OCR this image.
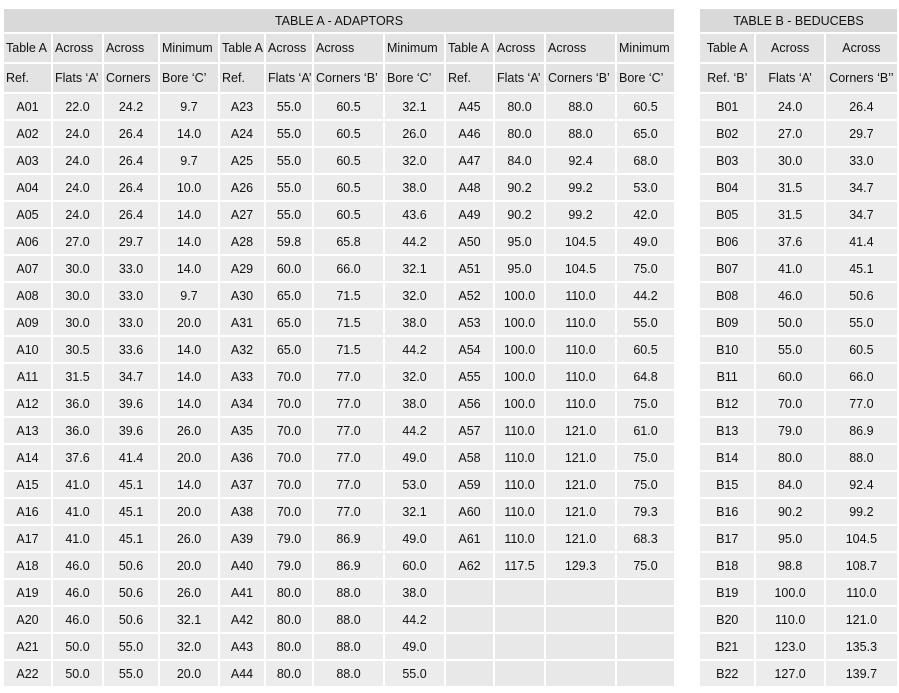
TABLE A - ADAPTORS											
Table A	Across	Across	Minimum	Table A	Across	Across	Minimum	Table A	Across	Across	Minimum
Ref.	Flats ‘A’	Corners	Bore ‘C’	Ref.	Flats ‘A’	Corners ‘B’	Bore ‘C’	Ref.	Flats ‘A’	Corners ‘B’	Bore ‘C’
A01	22.0	24.2	9.7	A23	55.0	60.5	32.1	A45	80.0	88.0	60.5
A02	24.0	26.4	14.0	A24	55.0	60.5	26.0	A46	80.0	88.0	65.0
A03	24.0	26.4	9.7	A25	55.0	60.5	32.0	A47	84.0	92.4	68.0
A04	24.0	26.4	10.0	A26	55.0	60.5	38.0	A48	90.2	99.2	53.0
A05	24.0	26.4	14.0	A27	55.0	60.5	43.6	A49	90.2	99.2	42.0
A06	27.0	29.7	14.0	A28	59.8	65.8	44.2	A50	95.0	104.5	49.0
A07	30.0	33.0	14.0	A29	60.0	66.0	32.1	A51	95.0	104.5	75.0
A08	30.0	33.0	9.7	A30	65.0	71.5	32.0	A52	100.0	110.0	44.2
A09	30.0	33.0	20.0	A31	65.0	71.5	38.0	A53	100.0	110.0	55.0
A10	30.5	33.6	14.0	A32	65.0	71.5	44.2	A54	100.0	110.0	60.5
A11	31.5	34.7	14.0	A33	70.0	77.0	32.0	A55	100.0	110.0	64.8
A12	36.0	39.6	14.0	A34	70.0	77.0	38.0	A56	100.0	110.0	75.0
A13	36.0	39.6	26.0	A35	70.0	77.0	44.2	A57	110.0	121.0	61.0
A14	37.6	41.4	20.0	A36	70.0	77.0	49.0	A58	110.0	121.0	75.0
A15	41.0	45.1	14.0	A37	70.0	77.0	53.0	A59	110.0	121.0	75.0
A16	41.0	45.1	20.0	A38	70.0	77.0	32.1	A60	110.0	121.0	79.3
A17	41.0	45.1	26.0	A39	79.0	86.9	49.0	A61	110.0	121.0	68.3
A18	46.0	50.6	20.0	A40	79.0	86.9	60.0	A62	117.5	129.3	75.0
A19	46.0	50.6	26.0	A41	80.0	88.0	38.0				
A20	46.0	50.6	32.1	A42	80.0	88.0	44.2				
A21	50.0	55.0	32.0	A43	80.0	88.0	49.0				
A22	50.0	55.0	20.0	A44	80.0	88.0	55.0				
TABLE B - BEDUCEBS		
Table A	Across	Across
Ref. ‘B’	Flats ‘A’	Corners ‘B’’
B01	24.0	26.4
B02	27.0	29.7
B03	30.0	33.0
B04	31.5	34.7
B05	31.5	34.7
B06	37.6	41.4
B07	41.0	45.1
B08	46.0	50.6
B09	50.0	55.0
B10	55.0	60.5
B11	60.0	66.0
B12	70.0	77.0
B13	79.0	86.9
B14	80.0	88.0
B15	84.0	92.4
B16	90.2	99.2
B17	95.0	104.5
B18	98.8	108.7
B19	100.0	110.0
B20	110.0	121.0
B21	123.0	135.3
B22	127.0	139.7
